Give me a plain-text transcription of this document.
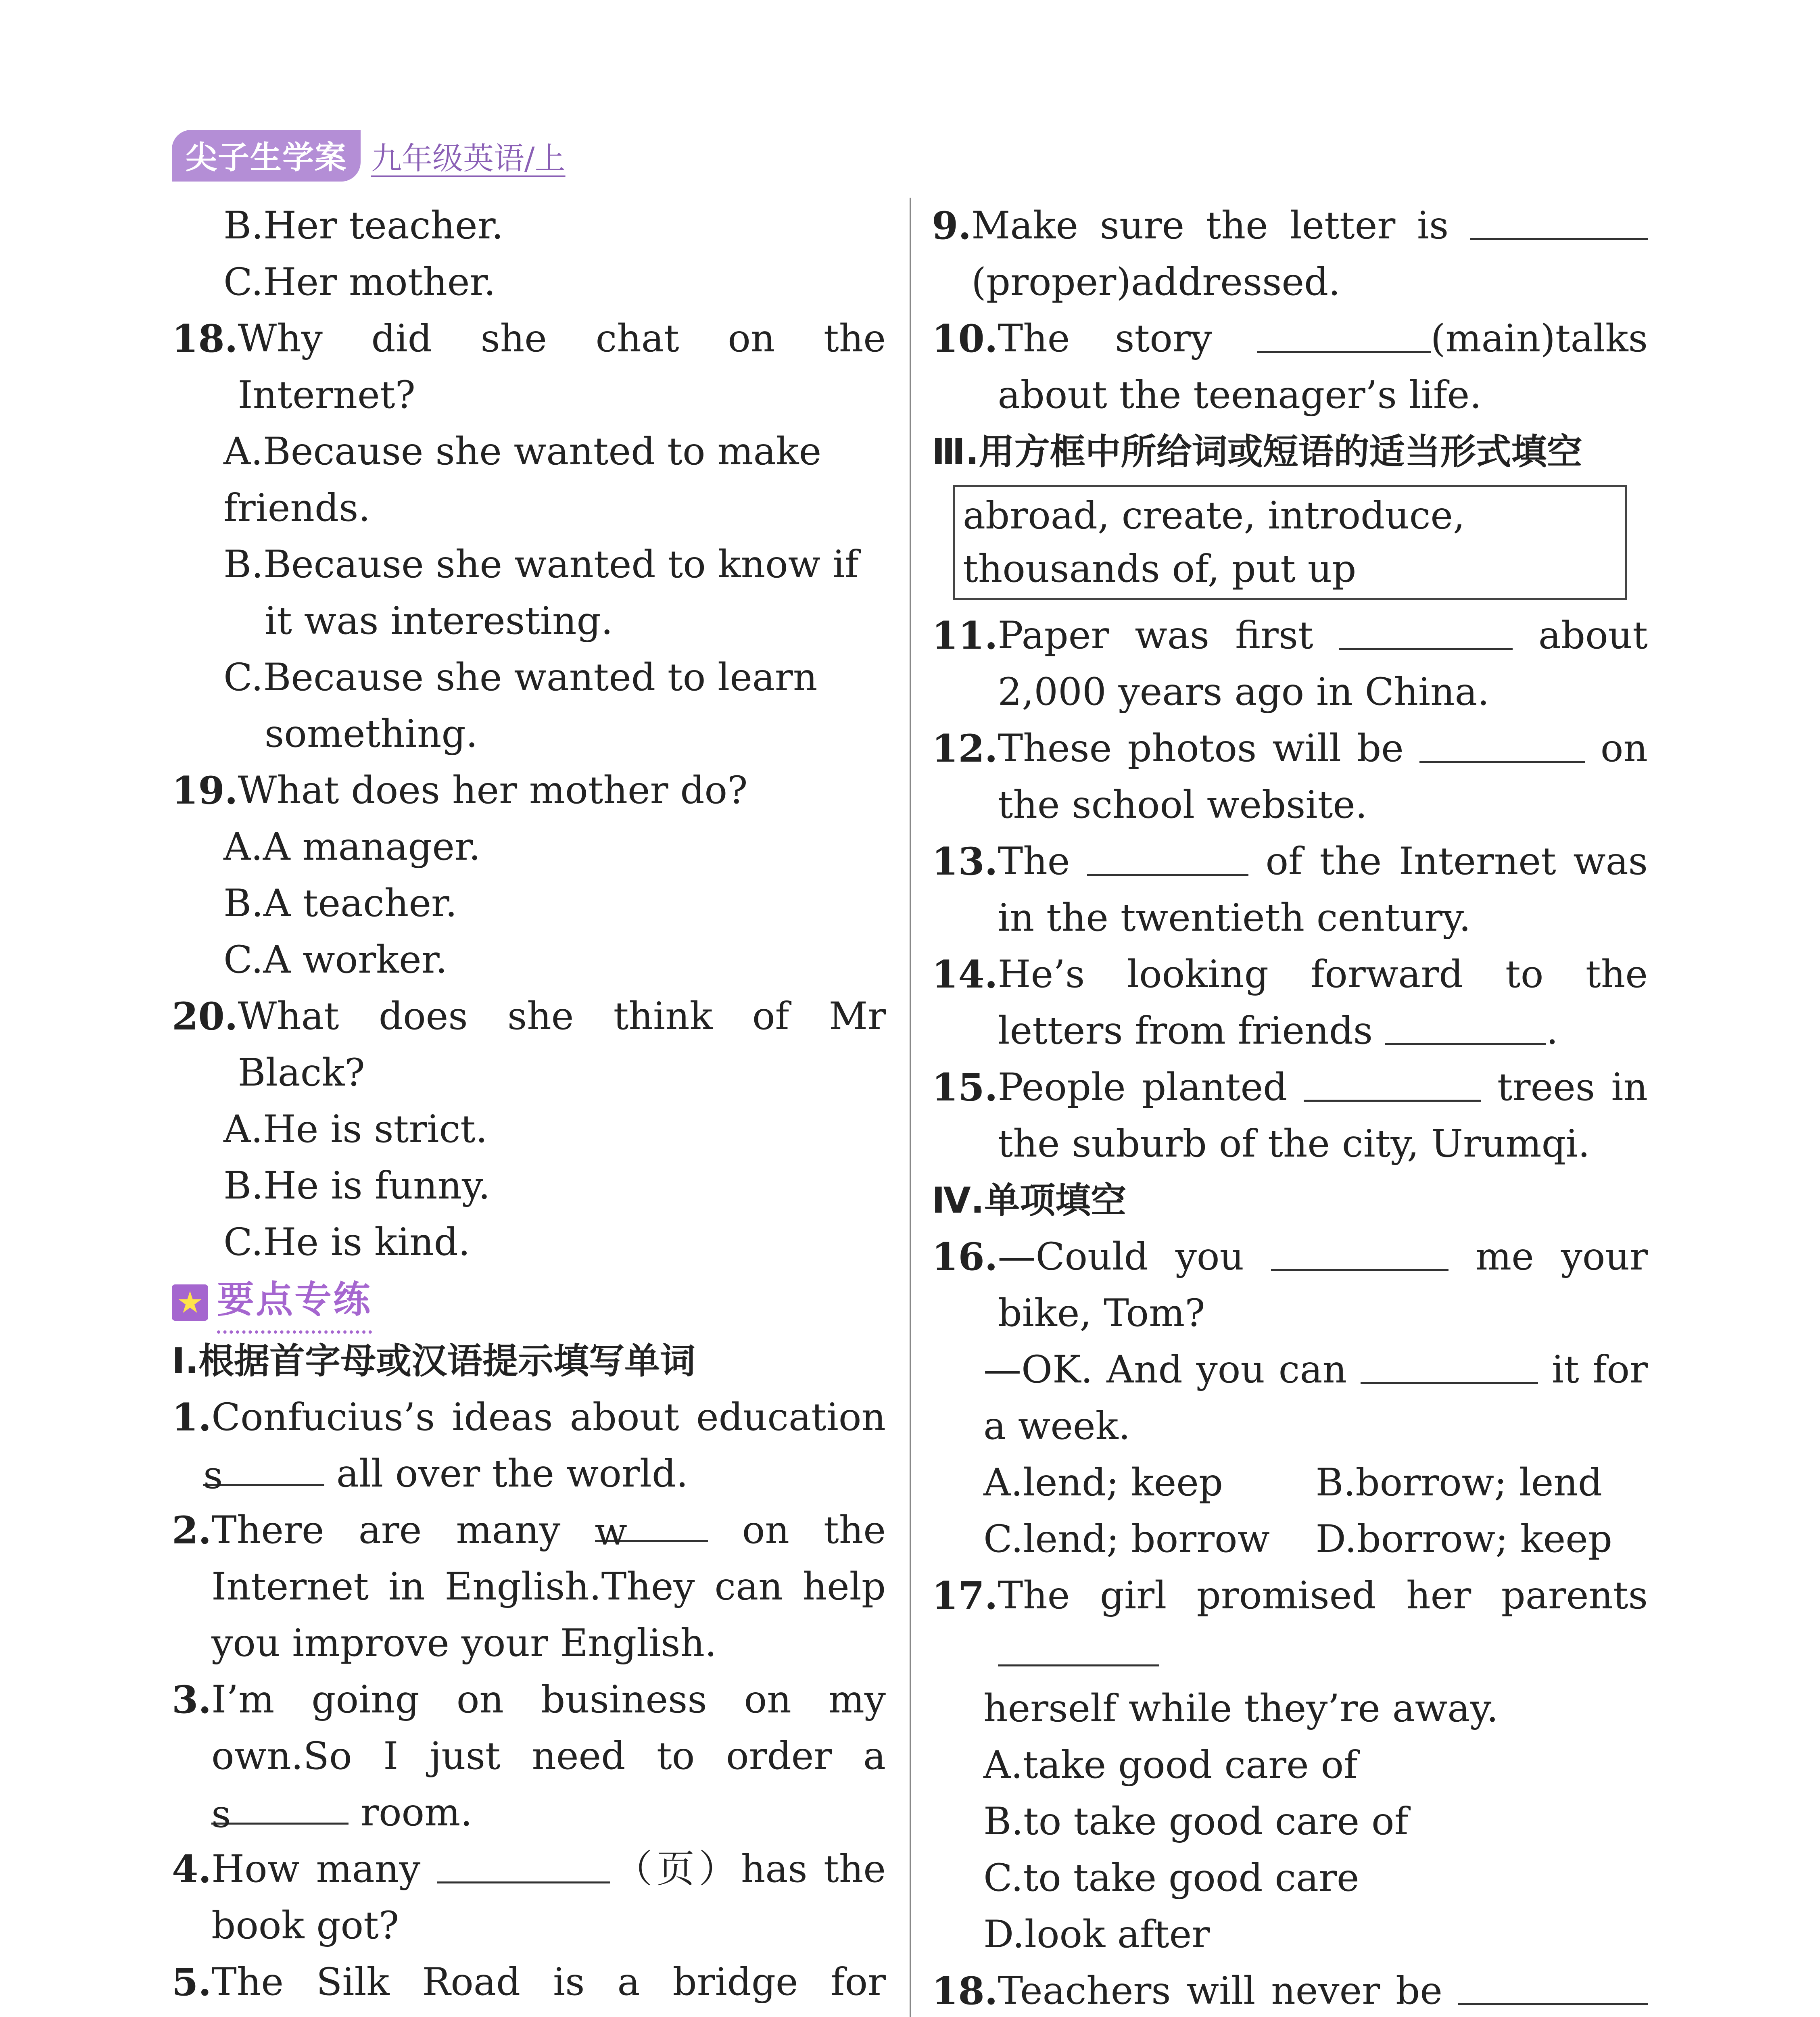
尖子生学案 九年级英语/上
B.Her teacher.
C.Her mother.
18. Why did she chat on the Internet?
A.Because she wanted to make friends.
B.Because she wanted to know if it was interesting.
C.Because she wanted to learn something.
19. What does her mother do?
A.A manager.
B.A teacher.
C.A worker.
20. What does she think of Mr Black?
A.He is strict.
B.He is funny.
C.He is kind.
★ 要点专练
Ⅰ.根据首字母或汉语提示填写单词
1. Confucius’s ideas about education
s	all over the world.
2. There are many w on the Internet in English.They can help you improve your English.
3. I’m going on business on my own.So I just need to order a s	room.
4. How many	（页）has the book got?
5. The Silk Road is a bridge for
9. Make sure the letter is (proper)addressed.
10. The story	(main)talks about the teenager’s life.
Ⅲ.用方框中所给词或短语的适当形式填空
abroad, create, introduce, thousands of, put up
11. Paper was first	about 2,000 years ago in China.
12. These photos will be	on the school website.
13. The	of the Internet was in the twentieth century.
14. He’s looking forward to the letters from friends	.
15. People planted	trees in the suburb of the city, Urumqi.
Ⅳ.单项填空
16. —Could you	me your bike, Tom?
—OK. And you can	it for a week.
A.lend; keep	B.borrow; lend
C.lend; borrow	D.borrow; keep
17. The girl promised her parents
herself while they’re away.
A.take good care of
B.to take good care of
C.to take good care
D.look after
18. Teachers will never be
